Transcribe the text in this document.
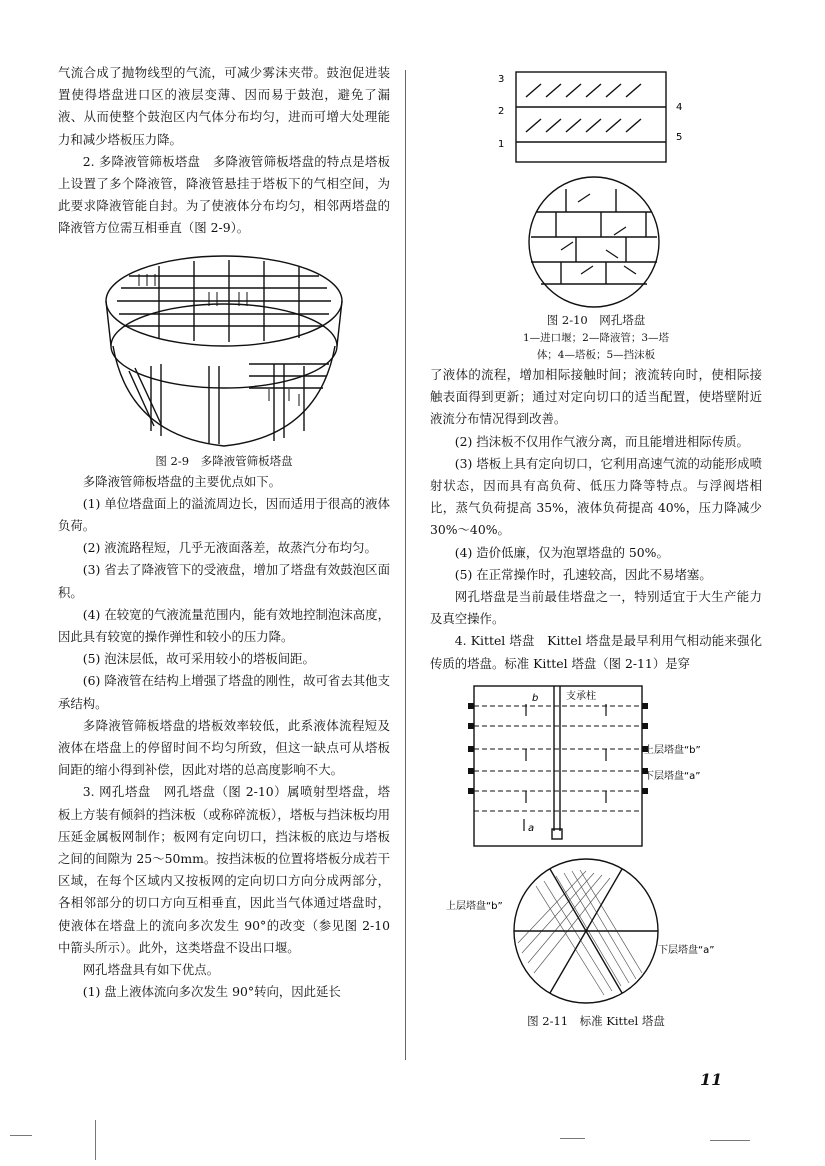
气流合成了抛物线型的气流，可减少雾沫夹带。鼓泡促进装置使得塔盘进口区的液层变薄、因而易于鼓泡，避免了漏液、从而使整个鼓泡区内气体分布均匀，进而可增大处理能力和减少塔板压力降。

2. 多降液管筛板塔盘　多降液管筛板塔盘的特点是塔板上设置了多个降液管，降液管悬挂于塔板下的气相空间，为此要求降液管能自封。为了使液体分布均匀，相邻两塔盘的降液管方位需互相垂直（图 2-9）。

图 2-9　多降液管筛板塔盘

多降液管筛板塔盘的主要优点如下。

(1) 单位塔盘面上的溢流周边长，因而适用于很高的液体负荷。

(2) 液流路程短，几乎无液面落差，故蒸汽分布均匀。

(3) 省去了降液管下的受液盘，增加了塔盘有效鼓泡区面积。

(4) 在较宽的气液流量范围内，能有效地控制泡沫高度，因此具有较宽的操作弹性和较小的压力降。

(5) 泡沫层低，故可采用较小的塔板间距。

(6) 降液管在结构上增强了塔盘的刚性，故可省去其他支承结构。

多降液管筛板塔盘的塔板效率较低，此系液体流程短及液体在塔盘上的停留时间不均匀所致，但这一缺点可从塔板间距的缩小得到补偿，因此对塔的总高度影响不大。

3. 网孔塔盘　网孔塔盘（图 2-10）属喷射型塔盘，塔板上方装有倾斜的挡沫板（或称碎流板），塔板与挡沫板均用压延金属板网制作；板网有定向切口，挡沫板的底边与塔板之间的间隙为 25～50mm。按挡沫板的位置将塔板分成若干区域，在每个区域内又按板网的定向切口方向分成两部分，各相邻部分的切口方向互相垂直，因此当气体通过塔盘时，使液体在塔盘上的流向多次发生 90°的改变（参见图 2-10 中箭头所示）。此外，这类塔盘不设出口堰。

网孔塔盘具有如下优点。

(1) 盘上液体流向多次发生 90°转向，因此延长

3
2
1
4
5

图 2-10　网孔塔盘

1—进口堰；2—降液管；3—塔
体；4—塔板；5—挡沫板

了液体的流程，增加相际接触时间；液流转向时，使相际接触表面得到更新；通过对定向切口的适当配置，使塔壁附近液流分布情况得到改善。

(2) 挡沫板不仅用作气液分离，而且能增进相际传质。

(3) 塔板上具有定向切口，它利用高速气流的动能形成喷射状态，因而具有高负荷、低压力降等特点。与浮阀塔相比，蒸气负荷提高 35%，液体负荷提高 40%，压力降减少 30%～40%。

(4) 造价低廉，仅为泡罩塔盘的 50%。

(5) 在正常操作时，孔速较高，因此不易堵塞。

网孔塔盘是当前最佳塔盘之一，特别适宜于大生产能力及真空操作。

4. Kittel 塔盘　Kittel 塔盘是最早利用气相动能来强化传质的塔盘。标准 Kittel 塔盘（图 2-11）是穿

支承柱
上层塔盘“b”
下层塔盘“a”
a
b
上层塔盘“b”
下层塔盘“a”

图 2-11　标准 Kittel 塔盘

11
